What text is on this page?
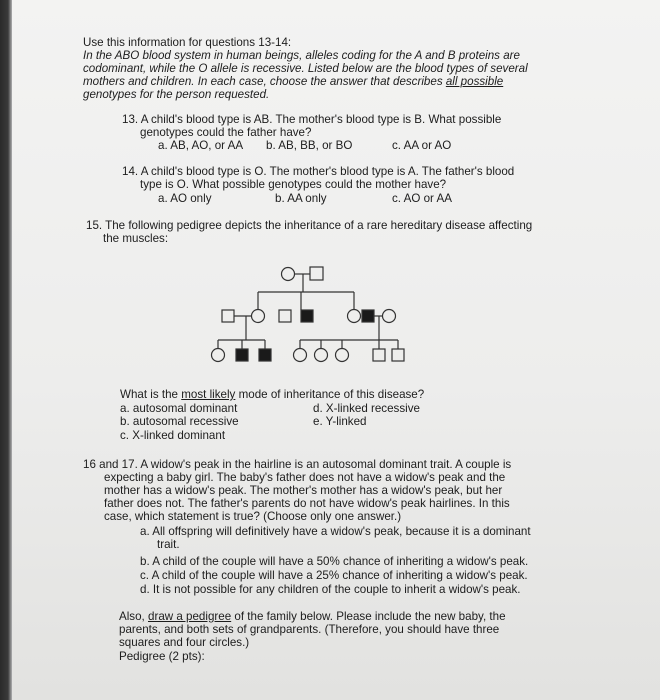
Use this information for questions 13-14:
In the ABO blood system in human beings, alleles coding for the A and B proteins are
codominant, while the O allele is recessive. Listed below are the blood types of several
mothers and children. In each case, choose the answer that describes all possible
genotypes for the person requested.
13. A child's blood type is AB. The mother's blood type is B. What possible
genotypes could the father have?
a. AB, AO, or AA b. AB, BB, or BO	c. AA or AO
14. A child's blood type is O. The mother's blood type is A. The father's blood
type is O. What possible genotypes could the mother have?
a. AO only	b. AA only	c. AO or AA
15. The following pedigree depicts the inheritance of a rare hereditary disease affecting
the muscles:
What is the most likely mode of inheritance of this disease?
a. autosomal dominant
b. autosomal recessive
c. X-linked dominant
d. X-linked recessive
e. Y-linked
16 and 17. A widow's peak in the hairline is an autosomal dominant trait. A couple is
expecting a baby girl. The baby's father does not have a widow's peak and the
mother has a widow's peak. The mother's mother has a widow's peak, but her
father does not. The father's parents do not have widow's peak hairlines. In this
case, which statement is true? (Choose only one answer.)
a. All offspring will definitively have a widow's peak, because it is a dominant
trait.
b. A child of the couple will have a 50% chance of inheriting a widow's peak.
c. A child of the couple will have a 25% chance of inheriting a widow's peak.
d. It is not possible for any children of the couple to inherit a widow's peak.
Also, draw a pedigree of the family below. Please include the new baby, the
parents, and both sets of grandparents. (Therefore, you should have three
squares and four circles.)
Pedigree (2 pts):
